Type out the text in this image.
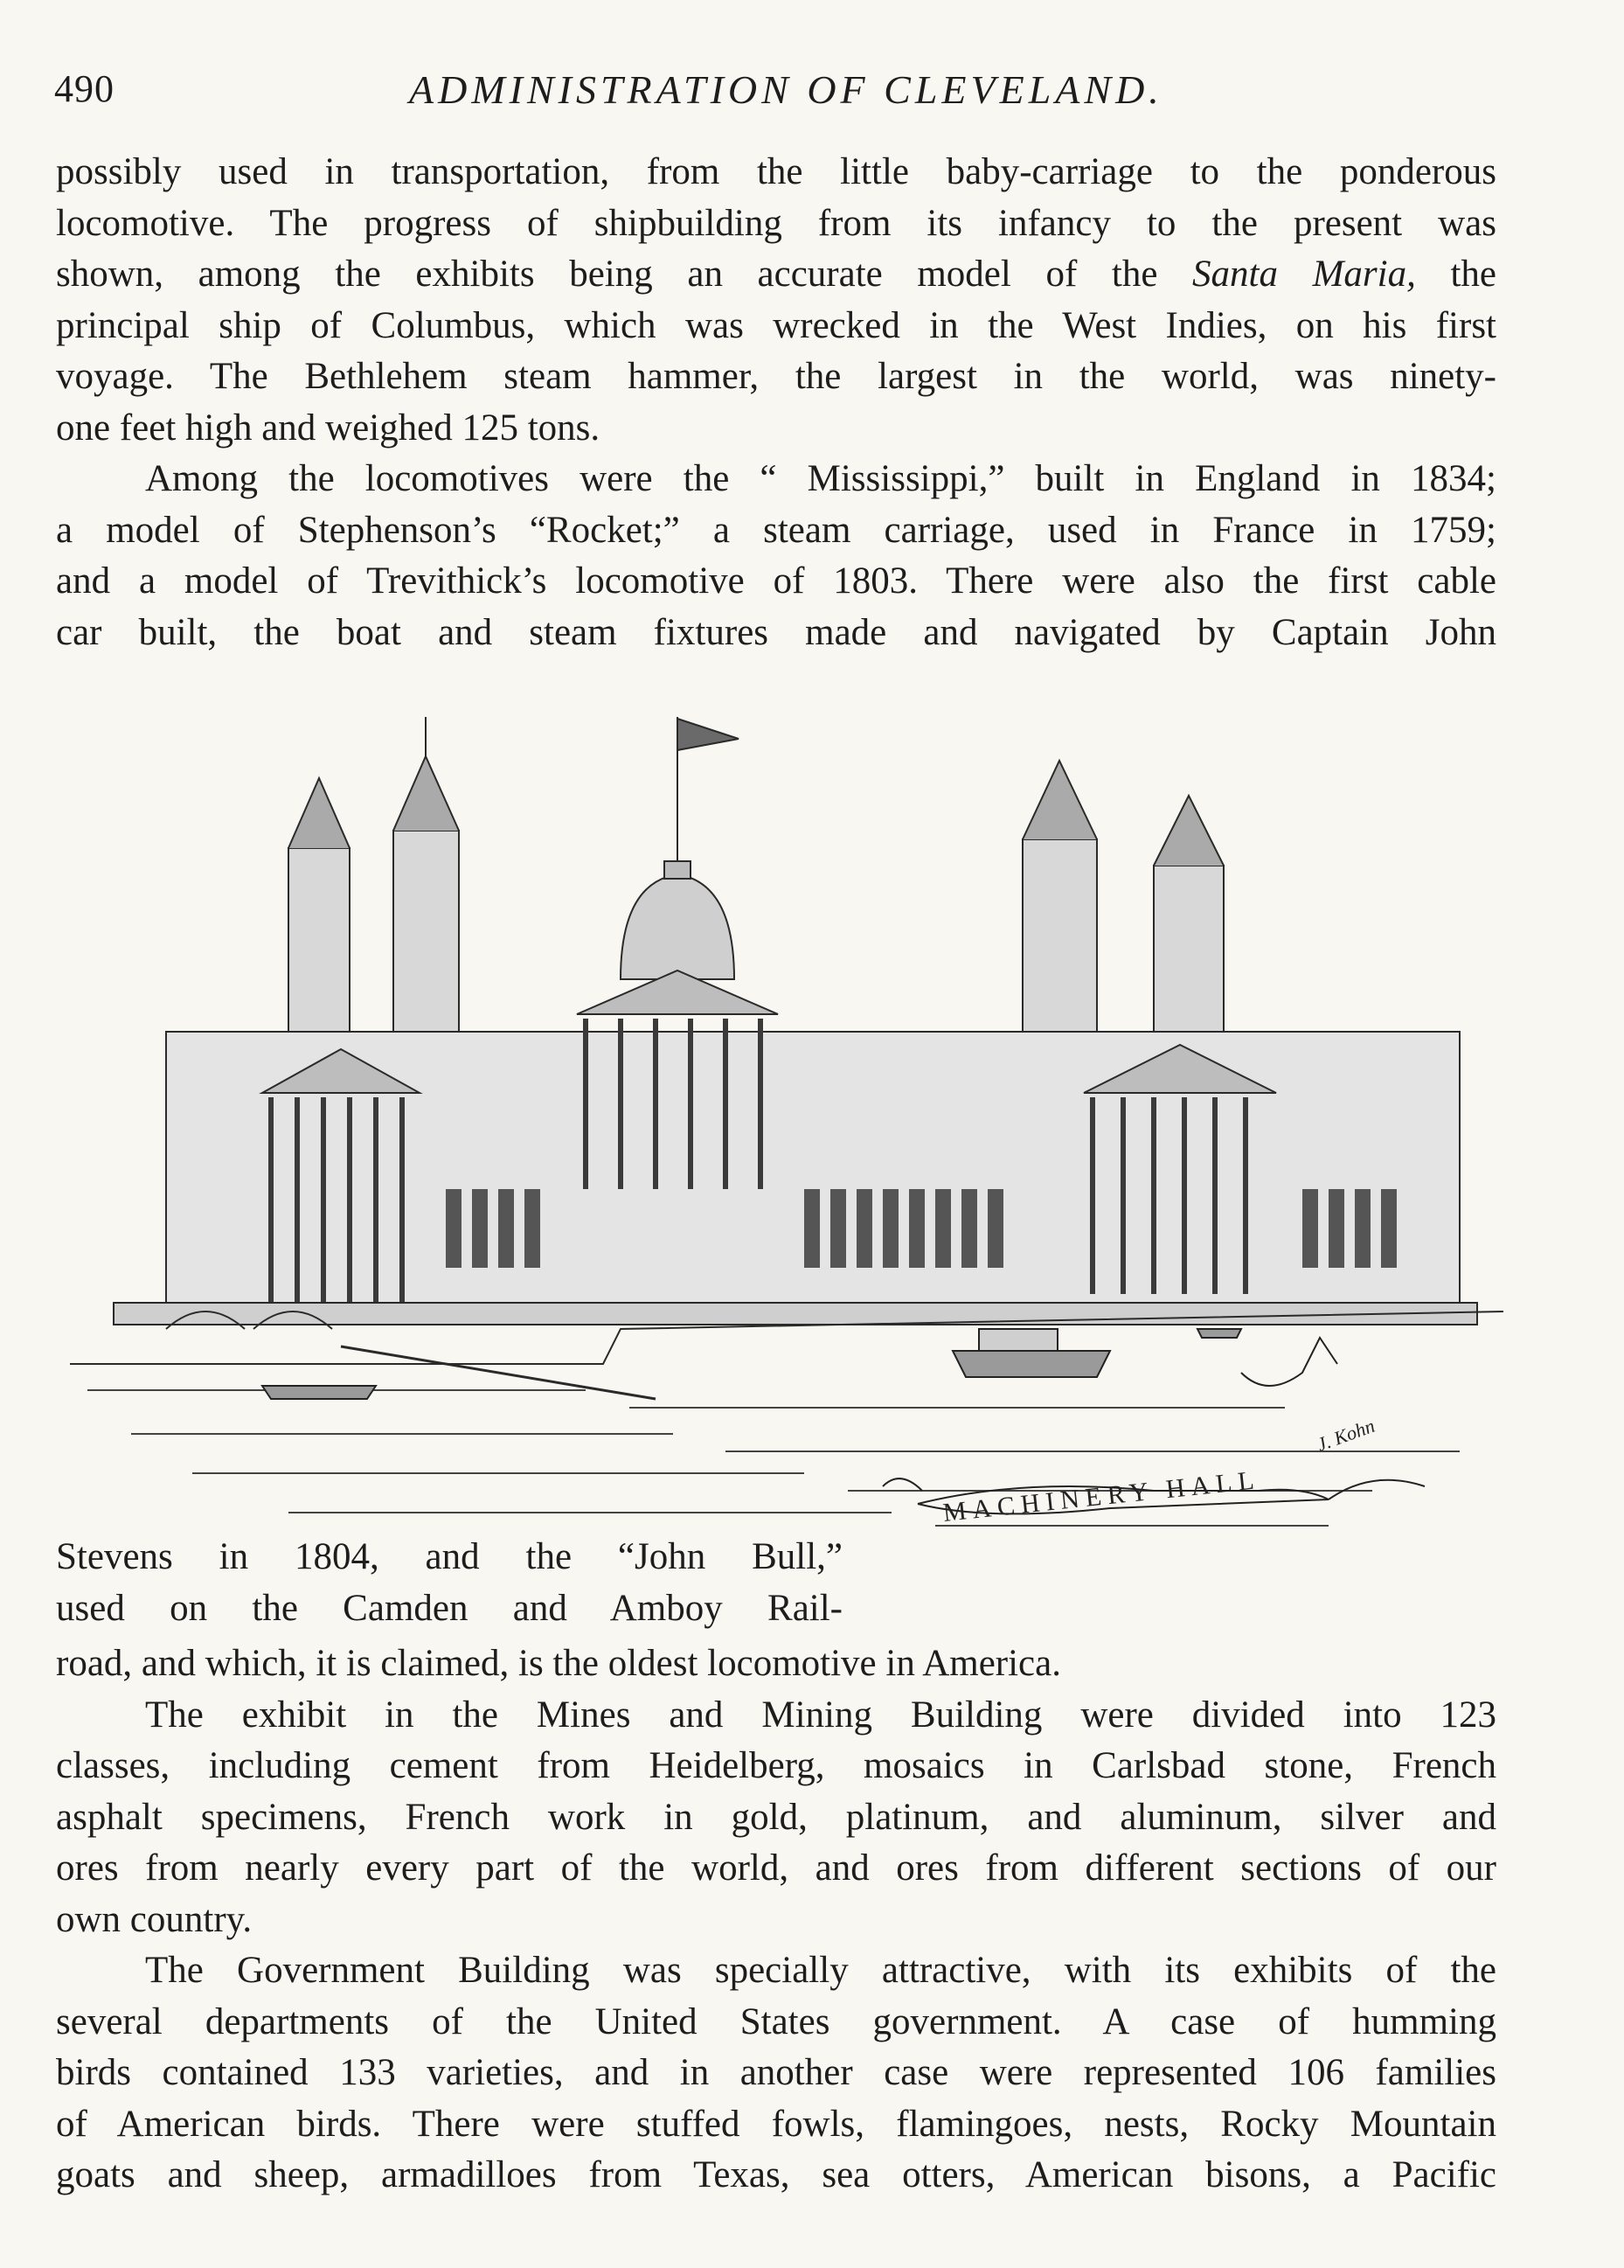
490	ADMINISTRATION OF CLEVELAND.
possibly used in transportation, from the little baby-carriage to the ponderous
locomotive. The progress of shipbuilding from its infancy to the present was
shown, among the exhibits being an accurate model of the Santa Maria, the
principal ship of Columbus, which was wrecked in the West Indies, on his first
voyage. The Bethlehem steam hammer, the largest in the world, was ninety-
one feet high and weighed 125 tons.
Among the locomotives were the “ Mississippi,” built in England in 1834;
a model of Stephenson’s “Rocket;” a steam carriage, used in France in 1759;
and a model of Trevithick’s locomotive of 1803. There were also the first cable
car built, the boat and steam fixtures made and navigated by Captain John
MACHINERY HALL
J. Kohn
Stevens in 1804, and the “John Bull,”
used on the Camden and Amboy Rail-
road, and which, it is claimed, is the oldest locomotive in America.
The exhibit in the Mines and Mining Building were divided into 123
classes, including cement from Heidelberg, mosaics in Carlsbad stone, French
asphalt specimens, French work in gold, platinum, and aluminum, silver and
ores from nearly every part of the world, and ores from different sections of our
own country.
The Government Building was specially attractive, with its exhibits of the
several departments of the United States government. A case of humming
birds contained 133 varieties, and in another case were represented 106 families
of American birds. There were stuffed fowls, flamingoes, nests, Rocky Mountain
goats and sheep, armadilloes from Texas, sea otters, American bisons, a Pacific
